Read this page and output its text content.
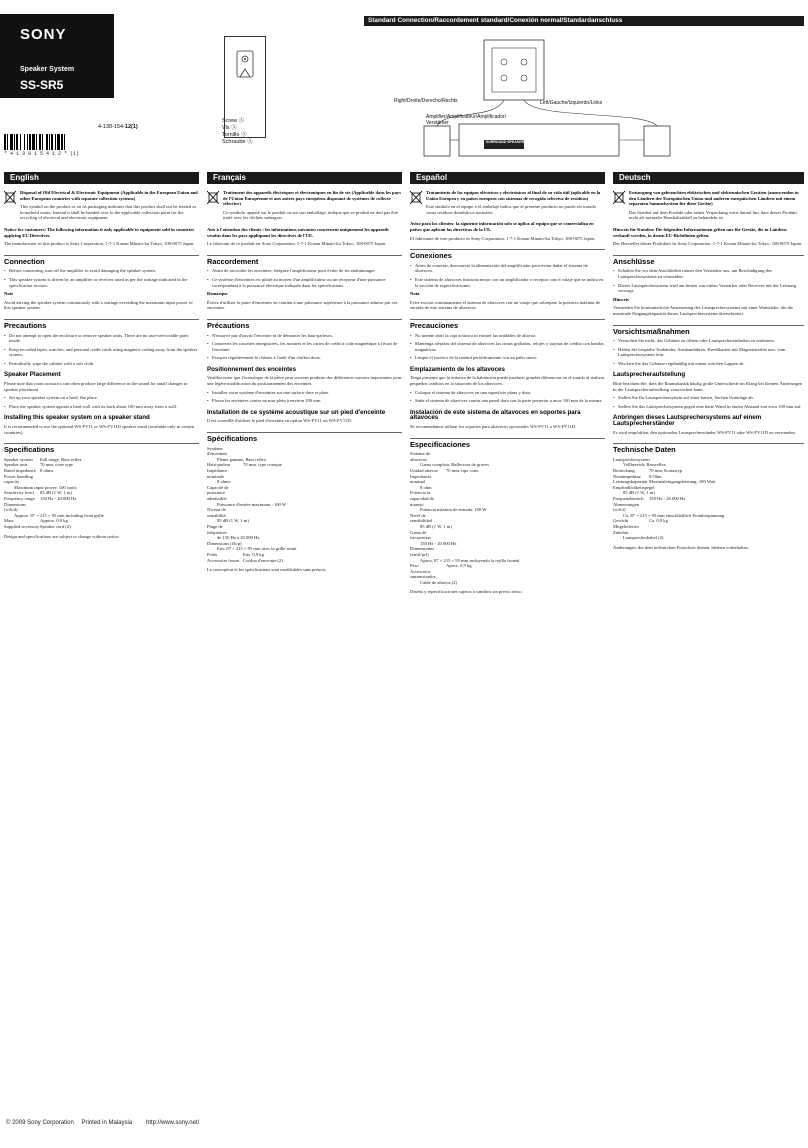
SONY
Speaker System
SS-SR5
4-138-154-12(1)
* 4 1 3 8 1 5 4 1 2 * (1)
Screw Ⓐ
Vis Ⓐ
Tornillo Ⓐ
Schraube Ⓐ
Standard Connection/Raccordement standard/Conexión normal/Standardanschluss
Right/Droite/Derecho/Rechts	Left/Gauche/Izquierdo/Links
Amplifier/Amplificateur/Amplificador/
Verstärker
SURROUND SPEAKER
English	Français	Español	Deutsch

Disposal of Old Electrical & Electronic Equipment (Applicable in the European Union and other European countries with separate collection systems)

This symbol on the product or on its packaging indicates that this product shall not be treated as household waste. Instead it shall be handed over to the applicable collection point for the recycling of electrical and electronic equipment.

Notice for customers: The following information is only applicable to equipment sold in countries applying EU Directives.

The manufacturer of this product is Sony Corporation, 1-7-1 Konan Minato-ku Tokyo, 108-0075 Japan.

Connection

• Before connecting, turn off the amplifier to avoid damaging the speaker system.

• This speaker system is driven by an amplifier or receiver rated as per the wattage indicated in the specification section.

Note

Avoid driving the speaker system continuously with a wattage exceeding the maximum input power of this speaker system.

Precautions

• Do not attempt to open the enclosure or remove speaker units. There are no user-serviceable parts inside.

• Keep recorded tapes, watches, and personal credit cards using magnetic coding away from the speaker system.

• Periodically wipe the cabinet with a soft cloth.

Speaker Placement

Please note that room acoustics can often produce large difference in the sound for small changes in speaker placement.

• Set up your speaker system on a hard, flat place.

• Place the speaker system against a hard wall with its back about 100 mm away from a wall.

Installing this speaker system on a speaker stand

It is recommended to use the optional WS-FV11 or WS-FV11D speaker stand (available only in certain countries).

Specifications
Speaker system	Full range, Bass reflex
Speaker unit	70 mm, cone type
Rated impedance 8 ohms
Power handling capacity
Maximum input power: 100 watts
Sensitivity level	85 dB (1 W, 1 m)
Frequency range	150 Hz - 20,000 Hz
Dimensions (w/h/d)
Approx. 87 × 215 × 95 mm including front grille
Mass	Approx. 0.9 kg
Supplied accessory Speaker cord (2)

Design and specifications are subject to change without notice.

Traitement des appareils électriques et électroniques en fin de vie (Applicable dans les pays de l'Union Européenne et aux autres pays européens disposant de systèmes de collecte sélective)

Ce symbole, apposé sur le produit ou sur son emballage, indique que ce produit ne doit pas être traité avec les déchets ménagers.

Avis à l'attention des clients : les informations suivantes concernent uniquement les appareils vendus dans les pays appliquant les directives de l'UE.

Le fabricant de ce produit est Sony Corporation, 1-7-1 Konan Minato-ku Tokyo, 108-0075 Japon.

Raccordement

• Avant de raccorder les enceintes, éteignez l'amplificateur pour éviter de les endommager.

• Ce système d'enceintes est piloté au moyen d'un amplificateur ou un récepteur d'une puissance correspondant à la puissance électrique indiquée dans les spécifications.

Remarque

Évitez d'utiliser la paire d'enceintes en continu à une puissance supérieure à la puissance admise par ces enceintes.

Précautions

• N'essayez pas d'ouvrir l'enceinte ni de démonter les haut-parleurs.

• Conservez les cassettes enregistrées, les montres et les cartes de crédit à code magnétique à l'écart de l'enceinte.

• Essuyez régulièrement le châssis à l'aide d'un chiffon doux.

Positionnement des enceintes

Veuillez noter que l'acoustique de la pièce peut souvent produire des différences sonores importantes pour une légère modification du positionnement des enceintes.

• Installez votre système d'enceintes sur une surface dure et plate.

• Placez les enceintes contre un mur plein à environ 100 mm.

Installation de ce système acoustique sur un pied d'enceinte

Il est conseillé d'utiliser le pied d'enceinte en option WS-FV11 ou WS-FV11D.

Spécifications
Système d'enceintes
Pleine gamme, Bass reflex
Haut-parleur	70 mm, type conique
Impédance nominale
8 ohms
Capacité de puissance admissible
Puissance d'entrée maximum : 100 W
Niveau de sensibilité
85 dB (1 W, 1 m)
Plage de fréquences
de 150 Hz à 20 000 Hz
Dimensions (l/h/p)
Env. 87 × 215 × 95 mm avec la grille avant
Poids	Env. 0,9 kg
Accessoire fourni Cordon d'enceinte (2)

La conception et les spécifications sont modifiables sans préavis.

Tratamiento de los equipos eléctricos y electrónicos al final de su vida útil (aplicable en la Unión Europea y en países europeos con sistemas de recogida selectiva de residuos)

Este símbolo en el equipo o el embalaje indica que el presente producto no puede ser tratado como residuos domésticos normales.

Aviso para los clientes: la siguiente información solo se aplica al equipo que se comercializa en países que aplican las directivas de la UE.

El fabricante de este producto es Sony Corporation, 1-7-1 Konan Minato-ku Tokyo, 108-0075 Japón.

Conexiones

• Antes de conectar, desconecte la alimentación del amplificador para evitar dañar el sistema de altavoces.

• Este sistema de altavoces funciona mejor con un amplificador o receptor con el vataje que se indica en la sección de especificaciones.

Nota

Evite excitar continuamente el sistema de altavoces con un vataje que sobrepase la potencia máxima de entrada de este sistema de altavoces.

Precauciones

• No intente abrir la caja acústica ni extraer las unidades de altavoz.

• Mantenga alejadas del sistema de altavoces las cintas grabadas, relojes y tarjetas de crédito con bandas magnéticas.

• Limpie el exterior de la unidad periódicamente con un paño suave.

Emplazamiento de los altavoces

Tenga presente que la acústica de la habitación puede producir grandes diferencias en el sonido al realizar pequeños cambios en la situación de los altavoces.

• Coloque el sistema de altavoces en una superficie plana y dura.

• Sitúe el sistema de altavoces contra una pared dura con la parte posterior a unos 100 mm de la misma.

Instalación de este sistema de altavoces en soportes para altavoces

Se recomendamos utilizar los soportes para altavoces opcionales WS-FV11 o WS-FV11D.

Especificaciones
Sistema de altavoces
Gama completa, Reflectora de graves
Unidad altavoz	70 mm, tipo cono
Impedancia nominal
8 ohm
Potencia la capacidad de manejo
Potencia máxima de entrada: 100 W
Nivel de sensibilidad
85 dB (1 W, 1 m)
Gama de frecuencias
150 Hz - 20 000 Hz
Dimensiones (an/al/prf)
Aprox. 87 × 215 × 95 mm incluyendo la rejilla frontal
Peso	Aprox. 0,9 kg
Accesorios suministrados
Cable de altavoz (2)

Diseño y especificaciones sujetos a cambios sin previo aviso.

Entsorgung von gebrauchten elektrischen und elektronischen Geräten (anzuwenden in den Ländern der Europäischen Union und anderen europäischen Ländern mit einem separaten Sammelsystem für diese Geräte)

Das Symbol auf dem Produkt oder seiner Verpackung weist darauf hin, dass dieses Produkt nicht als normaler Haushaltsabfall zu behandeln ist.

Hinweis für Kunden: Die folgenden Informationen gelten nur für Geräte, die in Ländern verkauft werden, in denen EU-Richtlinien gelten.

Der Hersteller dieses Produktes ist Sony Corporation, 1-7-1 Konan Minato-ku Tokyo, 108-0075 Japan.

Anschlüsse

• Schalten Sie vor dem Anschließen immer den Verstärker aus, um Beschädigung des Lautsprechersystems zu vermeiden.

• Dieses Lautsprechersystem wird am besten von einem Verstärker oder Receiver mit der Leistung versorgt.

Hinweis

Vermeiden Sie kontinuierliche Ansteuerung des Lautsprechersystems mit einer Wattstärke, die die maximale Eingangskapazität dieses Lautsprechersystems überschreitet.

Vorsichtsmaßnahmen

• Versuchen Sie nicht, das Gehäuse zu öffnen oder Lautsprechereinheiten zu entfernen.

• Halten Sie bespielte Tonbänder, Armbanduhren, Kreditkarten mit Magnetstreifen usw. vom Lautsprechersystem fern.

• Wischen Sie das Gehäuse regelmäßig mit einem weichen Lappen ab.

Lautsprecheraufstellung

Bitte beachten Sie, dass die Raumakustik häufig große Unterschiede im Klang bei kleinen Änderungen in der Lautsprecheraufstellung verursachen kann.

• Stellen Sie Ihr Lautsprechersystem auf einer harten, flachen Unterlage ab.

• Stellen Sie das Lautsprechersystem gegen eine harte Wand in einem Abstand von etwa 100 mm auf.

Anbringen dieses Lautsprechersystems auf einem Lautsprecherständer

Es wird empfohlen, den optionalen Lautsprecherständer WS-FV11 oder WS-FV11D zu verwenden.

Technische Daten
Lautsprechersystem
Vollbereich, Bassreflex
Bestückung	70 mm, Konustyp
Nennimpedanz	8 Ohm
Leistungskapazität Maximaleingangsleistung: 100 Watt
Empfindlichkeitspegel
85 dB (1 W, 1 m)
Frequenzbereich	150 Hz - 20.000 Hz
Abmessungen (w/h/t)
Ca. 87 × 215 × 95 mm einschließlich Frontbespannung
Gewicht	Ca. 0,9 kg
Mitgeliefertes Zubehör
Lautsprecherkabel (2)

Änderungen, die dem technischen Fortschritt dienen, bleiben vorbehalten.

© 2009 Sony Corporation Printed in Malaysia http://www.sony.net/
